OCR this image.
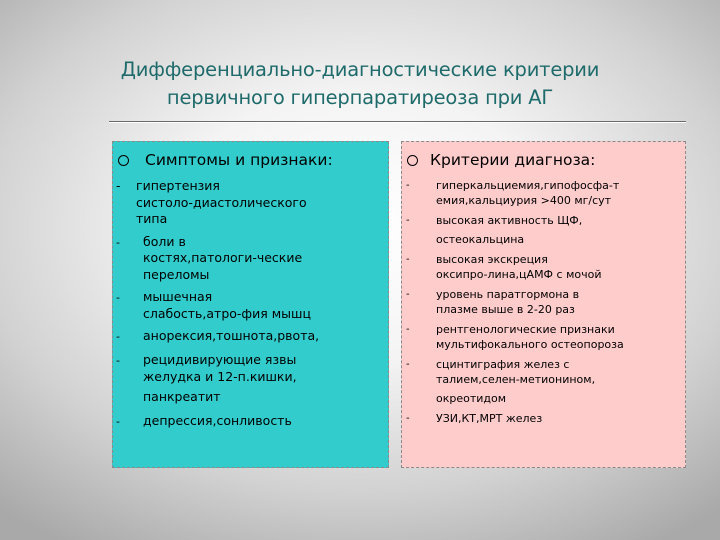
Дифференциально-диагностические критерии
первичного гиперпаратиреоза при АГ
Симптомы и признаки:
-	гипертензия
систоло-диастолического
типа
-	боли в
костях,патологи-ческие
переломы
-	мышечная
слабость,атро-фия мышц
-	анорексия,тошнота,рвота,
-	рецидивирующие язвы
желудка и 12-п.кишки,
панкреатит
-	депрессия,сонливость
Критерии диагноза:
-	гиперкальциемия,гипофосфа-т
емия,кальциурия >400 мг/сут
-	высокая активность ЩФ,
остеокальцина
-	высокая экскреция
оксипро-лина,цАМФ с мочой
-	уровень паратгормона в
плазме выше в 2-20 раз
-	рентгенологические признаки
мультифокального остеопороза
-	сцинтиграфия желез с
талием,селен-метионином,
окреотидом
-	УЗИ,КТ,МРТ желез
